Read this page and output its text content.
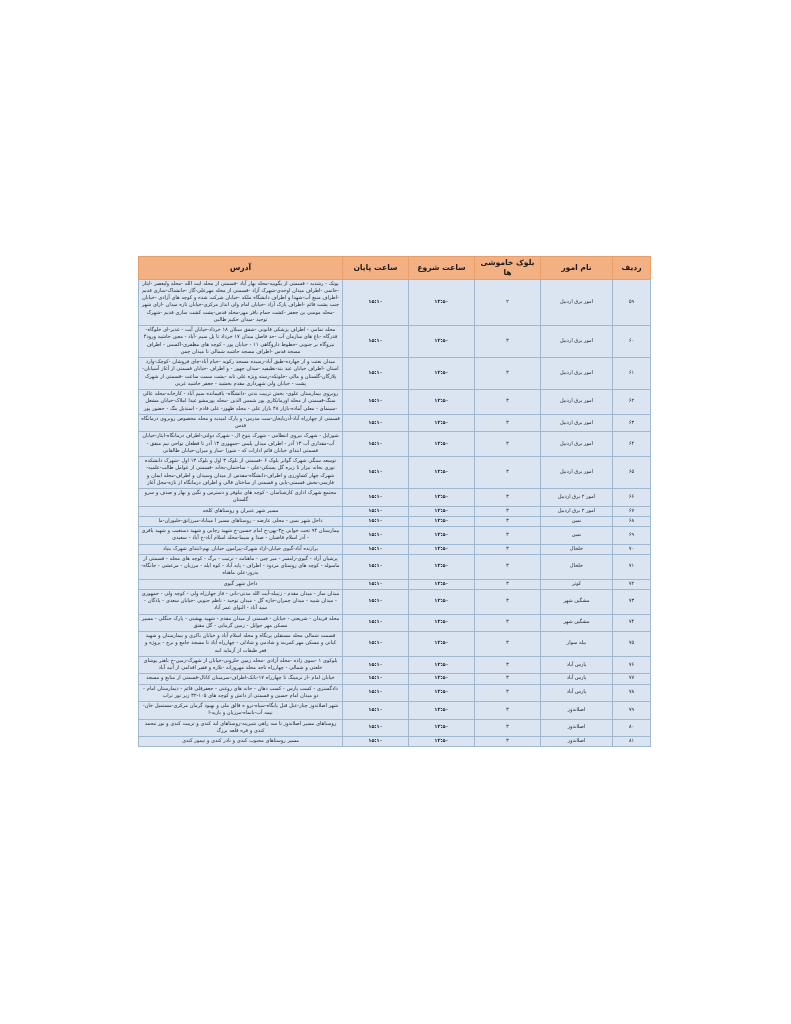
ردیف	نام امور	بلوک خاموشی ها	ساعت شروع	ساعت پایان	آدرس
۵۹	امور برق اردبیل	۲	۱۲:۵۰	۱۵:۱۰	پونک - رشدیه - قسمتی از یگوییه-محله بهار آباد -قسمتی از محله ایت الله -محله ولیعصر -ایثار -خاتمی -اطراف میدان اوحدی-شهرک آزاد -قسمتی از محله مهرعلی-گاز -جانشناک-سازی قدیم -اطراف منبع آب-شهدا و اطراف دانشگاه ملکه -خیابان شرکت شده و کوچه های آزادی -خیابان جنب پشت قائم -اطراف پارک آزاد -خیابان امام ولی انداز مرکزی-خیابان تازه میدان -ازای شهر -محله موسی بن جعفر -کشت حمام بافر مهر-محله قدس-پشت کشت سازی قدیم -شهرک توحید -میدان حکیم طالبی
۶۰	امور برق اردبیل	۳	۱۲:۵۰	۱۵:۱۰	محله تمامی - اطراف پزشکی قانونی -شفق سبلان ۱۸ خرداد-خیابان آیت - غدیر-ای خلوگاه-قدرگاه -باغ های سازمان آب -حد فاصل میدان ۱۷ خرداد تا پل سیم -آباد - معین حاشیه ورود۴ نیروگاه بر جنوبی -خطوط داروگاهی ۱۱ - خیابان پور - کوچه های مظفری-اکسس - اطراف مسجد قدس -اطراف مسجد حاشیه شمالی تا میدان چمن
۶۱	امور برق اردبیل	۳	۱۲:۵۰	۱۵:۱۰	میدان بعثت و از چهارده-طبق آباد-رسیده مسجد رکویه -خیام آباد-چای فروشان -کوچک-وارد استان -اطراف خیابان عید بند-نظیفیه -میدان چهور - و اطراف -خیابان قسمتی از آغاز آسیابان-پلازگان-گلستان و مالی -خلوتکه-رسته ویژه علی تابه -پشت سمت ساعت -قسمتی از شهرک پشت - خیابان ولی شهرداری مقدم بخشید - جعفر حاشیه غربی
۶۲	امور برق اردبیل	۳	۱۲:۵۰	۱۵:۱۰	روبروی بیمارستان علوی- بخش تربیت بدنی -دانشگاه- باقیمانده سیم آباد - کارخانه-محله عالی سنگ-قسمتی از محله اورمانکاری پور شمس الدین -محله پورمشو عیدا املاک-خیابان مشعل -سینمای - معلی آماده-بازار ۴۸ بازار علی - محله ظهور- علی قادم - استدیل بنگ - حضور پور
۶۳	امور برق اردبیل	۳	۱۲:۵۰	۱۵:۱۰	قسمتی از چهارراه آباد-آذربایجان-ست مدرس- و پارک امیدیه و محله مخصوص روبروی درمانگاه قدس
۶۴	امور برق اردبیل	۳	۱۲:۵۰	۱۵:۱۰	شورایل - شهرک نیروی انتظامی - شهرک پتوخ ال - شهرک دولتی-اطراف درمانگاه-ایثار-خیابان آب-مقداری آب ۱۳ آذر - اطراف میدان پلیس -جمهوری ۱۳ آذر تا قطعان نواحی نیم منقق - قسمتی ابتدای خیابان قائم ادارات که - شورا -ساز و میزان-خیابان طالقانی
۶۵	امور برق اردبیل	۳	۱۲:۵۰	۱۵:۱۰	توسعه سنگی شهرک گوانر بلوک ۶ -قسمتی از بلوک ۳ اول و بلوک ۱۳ اول -شهرک دانشکده نوری بخانه نیزار تا زیره گل پستکی-علی - ساختمان-بخانه -قسمتی از عوامل طالب-علمیه-شهرک چهار کشاورزی و اطراف-دانشگاه-مقدس از میدان وسیدان و اطراف-محله ایمان و فارسی-بخش قسمتی-پایی و قسمتی از ساختان قالی و اطراف درمانگاه از تازه-محل آغاز
۶۶	امور ۲ برق اردبیل	۳	۱۲:۵۰	۱۵:۱۰	مجتمع شهرک اداری کارشناسان - کوچه های نیلوفر و دسترس و نگین و بهار و صدف و سرو گلستان
۶۷	امور ۲ برق اردبیل	۳	۱۲:۵۰	۱۵:۱۰	مسیر شهر عنبران و روستاهای کلخه
۶۸	نمین	۳	۱۲:۵۰	۱۵:۱۰	داخل شهر نمین - محلی عارضه - روستاهای مسیر ا میناباد-میرزانق-خلیوران-ما
۶۹	نمین	۳	۱۲:۵۰	۱۵:۱۰	بیمارستان ۹۴ تخت خوابی خ۳-پهن-خ امام حسین-خ شهید رجایی و شهید دستغیب و شهید باقری - آذر اسلام قاضیان - صدا و سیما-محله اسلام آباد-خ آباد - سعیدی
۷۰	خلخال	۳	۱۲:۵۰	۱۵:۱۰	برازنده آباد-گیوی خیابان-ازاد شهرک-پیرامون خیابان نهم-ابتدای شهرک بنیاد
۷۱	خلخال	۳	۱۲:۵۰	۱۵:۱۰	پرشیان آزاد - گیوی-رامسر - میر چین - ماهنامه - ترتیب - برگ - کوچه های محله - قسمتی از ماسوله - کوچه های روستای مردود - اطراف - پایه آباد - کوه ایله - مرزبان - مرعشی - جانگاه-بدرور-علی ماهناه
۷۲	کوثر	۳	۱۲:۵۰	۱۵:۱۰	داخل شهر گیوی
۷۳	مشگین شهر	۳	۱۲:۵۰	۱۵:۱۰	میدان ساز - میدان مقدم - زنبیله-آیت الله مدنی-بانی - فاز جهارراه ولی - کوچه ولی - جمهوری - میدان شبیه - میدان چمران-خازه گل - میدان توحید - ناظم جنوبی -خیابان سعدی - پادگان - سید آباد - البوای عمر آباد
۷۴	مشگین شهر	۳	۱۲:۵۰	۱۵:۱۰	محله فریدان - شریعتی - خیابان - قسمتی از میدان مقدم - شهید بهشتی - پارک جنگلی - مسیر مسکن مهر جوایل - زمین گرمایی - گل مقتق
۷۵	بیله سوار	۳	۱۲:۵۰	۱۵:۱۰	قسمت شمالی محله مستقلی پرتگاه و محله اسلام آباد و خیابان باکری و بیمارستان و شهید کیانی و مسکن مهر کمربند و شادمی و شادلی - چهارراه آباد تا مسجد جامع و برج - پروژه و قعر طبقات از آزمایه انبه
۷۶	پارس آباد	۳	۱۲:۵۰	۱۵:۱۰	بلوکوی ۱ -سوی زاده -محله آزادی -محله زمین حلزونی-خیابان از شهرک-زمین-خ باهنر یوشای خلعتی و شمالی - چهارراه تاجد محله مهرورانه -بلازه و فقیر اقدامی از آنیه آباد
۷۷	پارس آباد	۳	۱۲:۵۰	۱۵:۱۰	خیابان امام -از نرمینگ تا چهارراه ۱۷-بانک-اطراف-سرمینان کانال-قسمتی از منابع و مسجد
۷۸	پارس آباد	۳	۱۲:۵۰	۱۵:۱۰	دادگستری - کسب پارس - کسب دهان - خانه های روغنی - جعفرقلی قائم - دیمارستان امام - دو میدان امام حسین و قسمتی از دانش و کوچه های ۱۰۵-۳۲ زیر تور تراب
۷۹	اصلاندوز	۳	۱۲:۵۰	۱۵:۱۰	شهر اصلاندوز چنار-عنل قنل پایگاه-سیاه-ترو ه قالق ملی و بهبود گرمان مرکزی-مستمیل خان-نیمه آب-بانماه-مرزبان و بازیه-ا
۸۰	اصلاندوز	۳	۱۲:۵۰	۱۵:۱۰	روستاهای مسیر اصلاندوز تا سه راهی شیرینه-روستاهای لند کندی و تربیت کندی و نور محمد کندی و قره قلعه برزگ
۸۱	اصلاندوز	۳	۱۲:۵۰	۱۵:۱۰	مسیر روستاهای محبوب کندی و نادر کندی و تیمور کندی
